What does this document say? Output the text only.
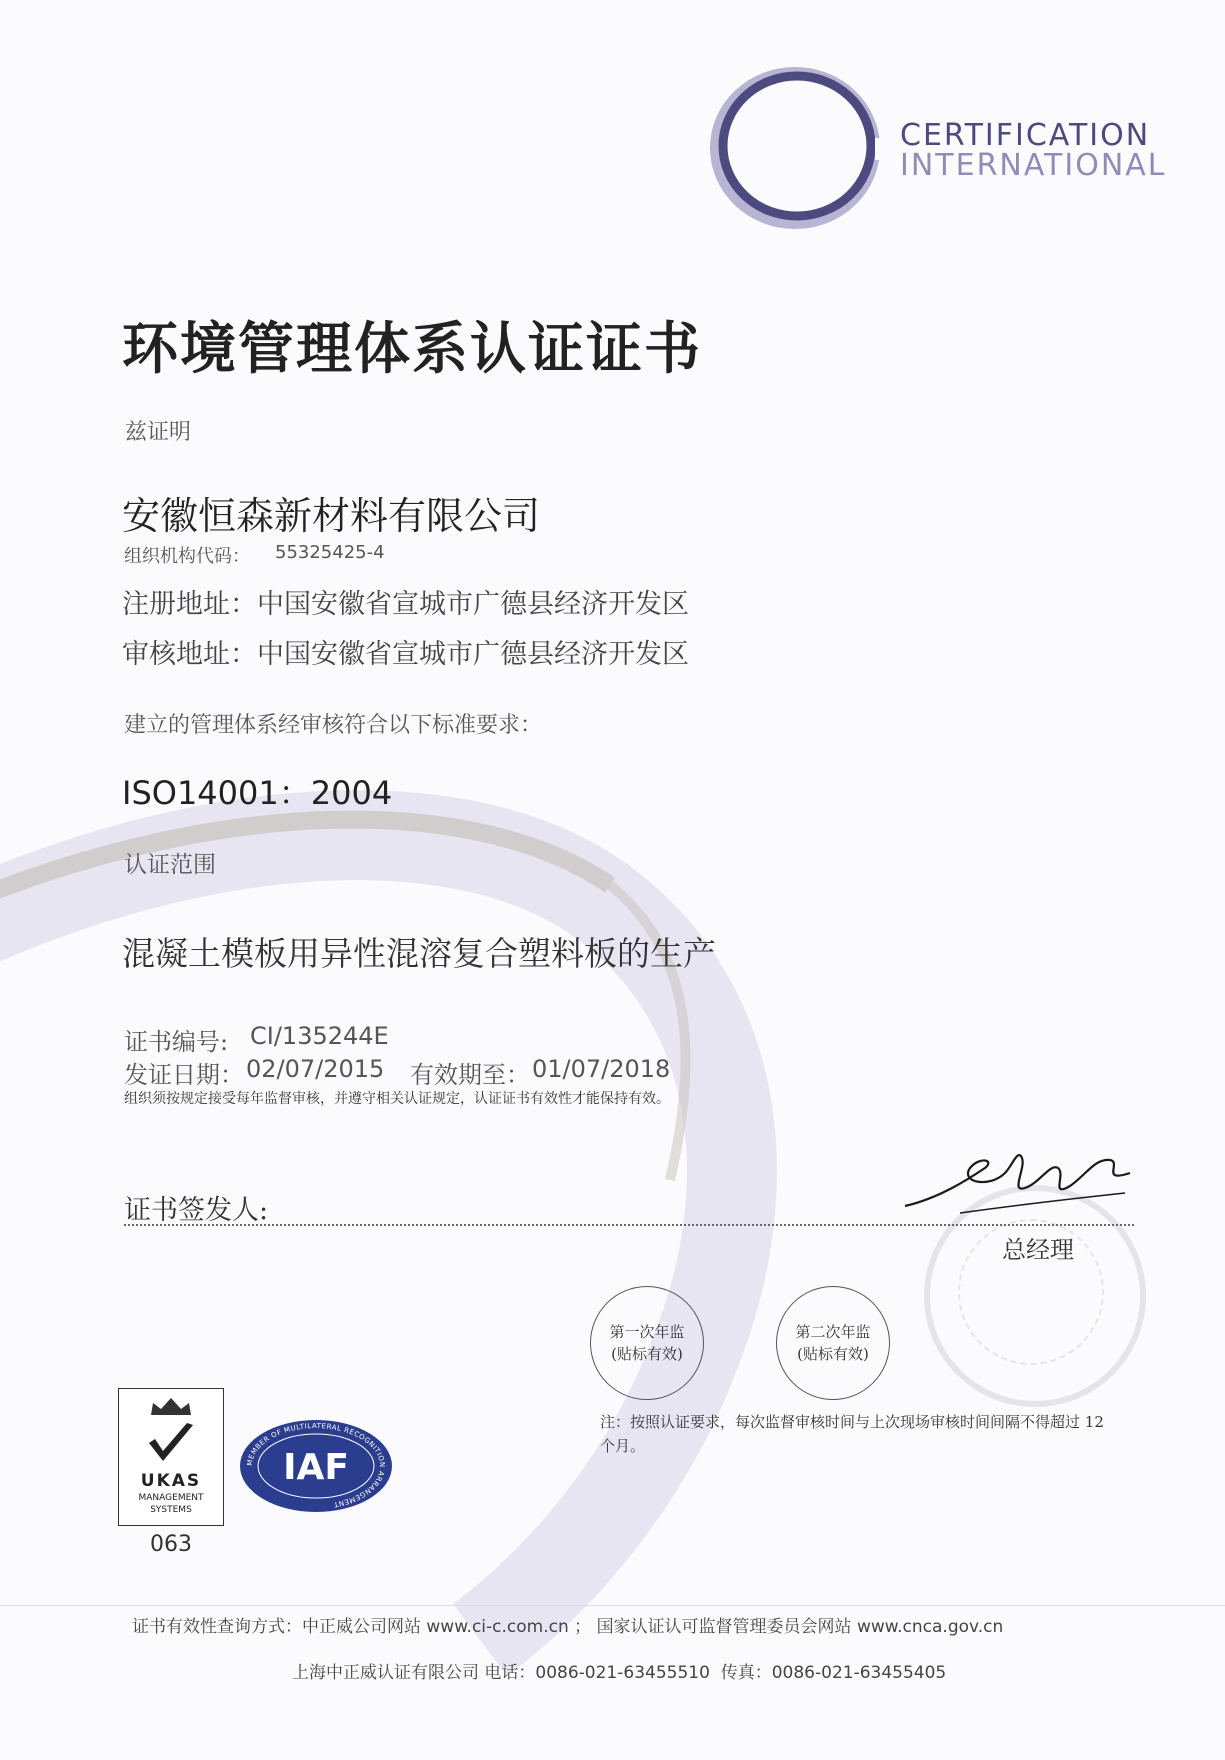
CERTIFICATION
INTERNATIONAL
环境管理体系认证证书
兹证明
安徽恒森新材料有限公司
组织机构代码： 55325425-4
注册地址：中国安徽省宣城市广德县经济开发区
审核地址：中国安徽省宣城市广德县经济开发区
建立的管理体系经审核符合以下标准要求：
ISO14001：2004
认证范围
混凝土模板用异性混溶复合塑料板的生产
证书编号: CI/135244E
发证日期： 02/07/2015 有效期至： 01/07/2018
组织须按规定接受每年监督审核，并遵守相关认证规定，认证证书有效性才能保持有效。
证书签发人:
总经理
第一次年监
(贴标有效)
第二次年监
(贴标有效)
注：按照认证要求，每次监督审核时间与上次现场审核时间间隔不得超过 12 个月。
UKAS
MANAGEMENT
SYSTEMS
063
MEMBER OF MULTILATERAL RECOGNITION ARRANGEMENT
IAF
证书有效性查询方式：中正威公司网站 www.ci-c.com.cn ； 国家认证认可监督管理委员会网站 www.cnca.gov.cn
上海中正威认证有限公司 电话：0086-021-63455510 传真：0086-021-63455405
